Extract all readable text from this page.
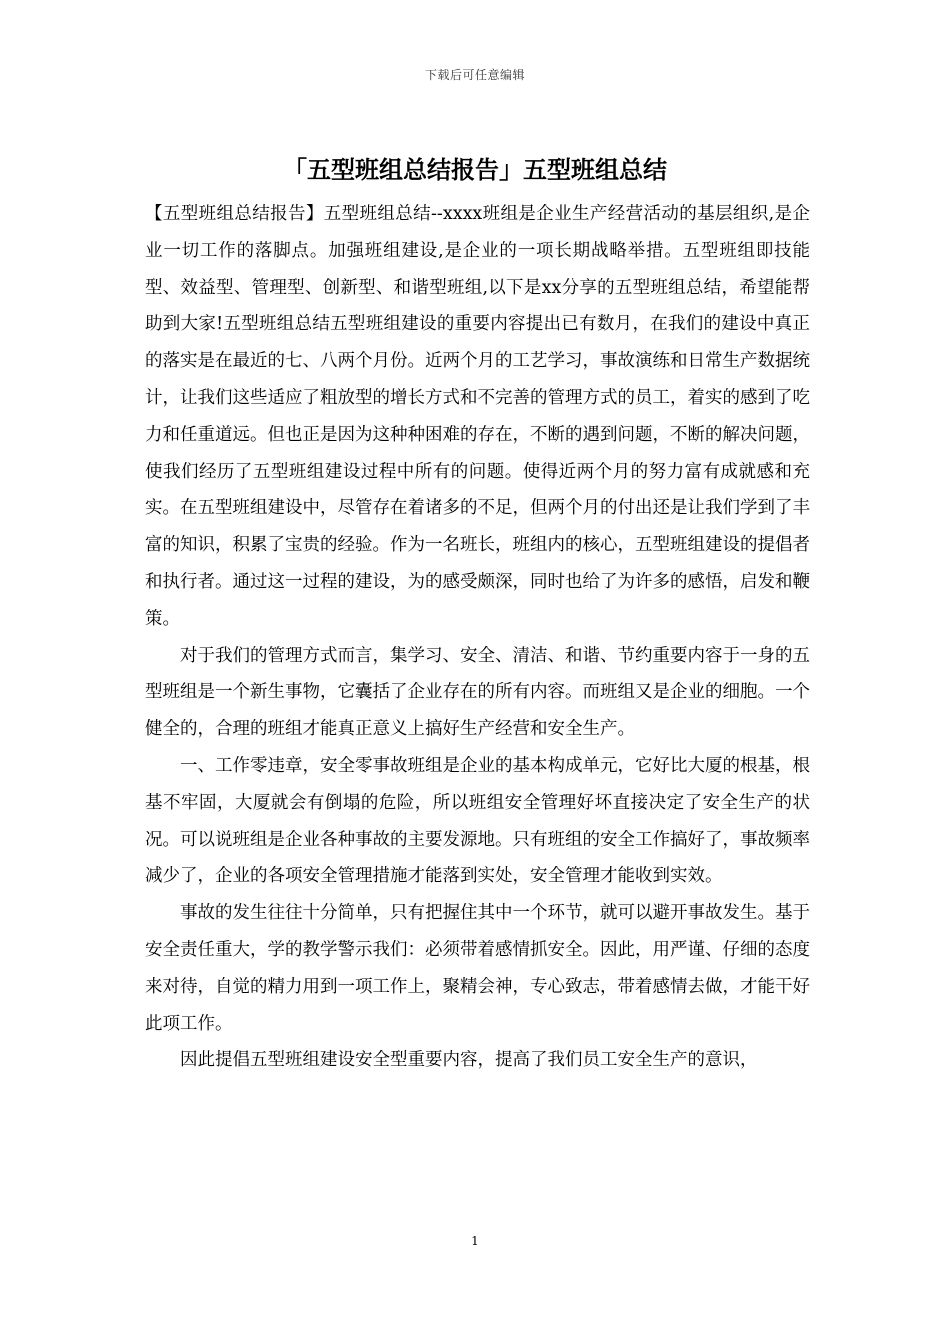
下载后可任意编辑
「五型班组总结报告」五型班组总结

【五型班组总结报告】五型班组总结--xxxx班组是企业生产经营活动的基层组织,是企业一切工作的落脚点。加强班组建设,是企业的一项长期战略举措。五型班组即技能型、效益型、管理型、创新型、和谐型班组,以下是xx分享的五型班组总结，希望能帮助到大家!五型班组总结五型班组建设的重要内容提出已有数月，在我们的建设中真正的落实是在最近的七、八两个月份。近两个月的工艺学习，事故演练和日常生产数据统计，让我们这些适应了粗放型的增长方式和不完善的管理方式的员工，着实的感到了吃力和任重道远。但也正是因为这种种困难的存在，不断的遇到问题，不断的解决问题，使我们经历了五型班组建设过程中所有的问题。使得近两个月的努力富有成就感和充实。在五型班组建设中，尽管存在着诸多的不足，但两个月的付出还是让我们学到了丰富的知识，积累了宝贵的经验。作为一名班长，班组内的核心，五型班组建设的提倡者和执行者。通过这一过程的建设，为的感受颇深，同时也给了为许多的感悟，启发和鞭策。

对于我们的管理方式而言，集学习、安全、清洁、和谐、节约重要内容于一身的五型班组是一个新生事物，它囊括了企业存在的所有内容。而班组又是企业的细胞。一个健全的，合理的班组才能真正意义上搞好生产经营和安全生产。

一、工作零违章，安全零事故班组是企业的基本构成单元，它好比大厦的根基，根基不牢固，大厦就会有倒塌的危险，所以班组安全管理好坏直接决定了安全生产的状况。可以说班组是企业各种事故的主要发源地。只有班组的安全工作搞好了，事故频率减少了，企业的各项安全管理措施才能落到实处，安全管理才能收到实效。

事故的发生往往十分简单，只有把握住其中一个环节，就可以避开事故发生。基于安全责任重大，学的教学警示我们：必须带着感情抓安全。因此，用严谨、仔细的态度来对待，自觉的精力用到一项工作上，聚精会神，专心致志，带着感情去做，才能干好此项工作。

因此提倡五型班组建设安全型重要内容，提高了我们员工安全生产的意识，

1
